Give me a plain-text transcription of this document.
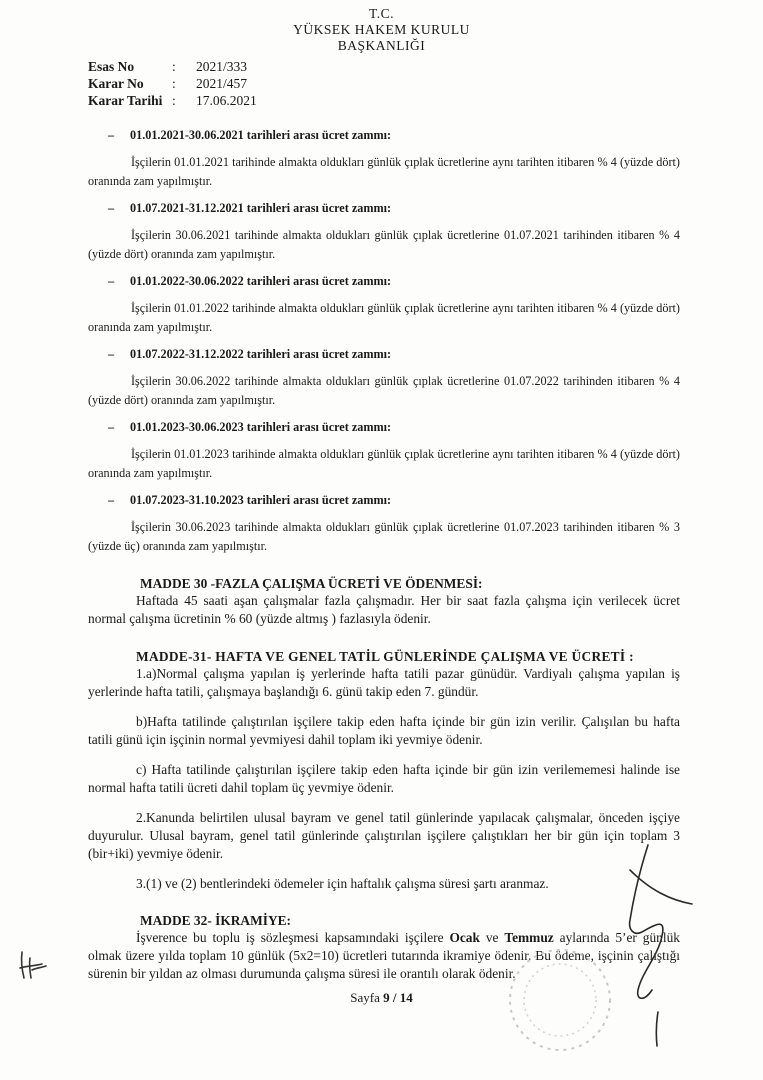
T.C.
YÜKSEK HAKEM KURULU
BAŞKANLIĞI
Esas No	:	2021/333
Karar No	:	2021/457
Karar Tarihi :	17.06.2021
– 01.01.2021-30.06.2021 tarihleri arası ücret zammı:
İşçilerin 01.01.2021 tarihinde almakta oldukları günlük çıplak ücretlerine aynı tarihten itibaren % 4 (yüzde dört) oranında zam yapılmıştır.
– 01.07.2021-31.12.2021 tarihleri arası ücret zammı:
İşçilerin 30.06.2021 tarihinde almakta oldukları günlük çıplak ücretlerine 01.07.2021 tarihinden itibaren % 4 (yüzde dört) oranında zam yapılmıştır.
– 01.01.2022-30.06.2022 tarihleri arası ücret zammı:
İşçilerin 01.01.2022 tarihinde almakta oldukları günlük çıplak ücretlerine aynı tarihten itibaren % 4 (yüzde dört) oranında zam yapılmıştır.
– 01.07.2022-31.12.2022 tarihleri arası ücret zammı:
İşçilerin 30.06.2022 tarihinde almakta oldukları günlük çıplak ücretlerine 01.07.2022 tarihinden itibaren % 4 (yüzde dört) oranında zam yapılmıştır.
– 01.01.2023-30.06.2023 tarihleri arası ücret zammı:
İşçilerin 01.01.2023 tarihinde almakta oldukları günlük çıplak ücretlerine aynı tarihten itibaren % 4 (yüzde dört) oranında zam yapılmıştır.
– 01.07.2023-31.10.2023 tarihleri arası ücret zammı:
İşçilerin 30.06.2023 tarihinde almakta oldukları günlük çıplak ücretlerine 01.07.2023 tarihinden itibaren % 3 (yüzde üç) oranında zam yapılmıştır.
MADDE 30 -FAZLA ÇALIŞMA ÜCRETİ VE ÖDENMESİ:

Haftada 45 saati aşan çalışmalar fazla çalışmadır. Her bir saat fazla çalışma için verilecek ücret normal çalışma ücretinin % 60 (yüzde altmış ) fazlasıyla ödenir.

MADDE-31- HAFTA VE GENEL TATİL GÜNLERİNDE ÇALIŞMA VE ÜCRETİ :

1.a)Normal çalışma yapılan iş yerlerinde hafta tatili pazar günüdür. Vardiyalı çalışma yapılan iş yerlerinde hafta tatili, çalışmaya başlandığı 6. günü takip eden 7. gündür.

b)Hafta tatilinde çalıştırılan işçilere takip eden hafta içinde bir gün izin verilir. Çalışılan bu hafta tatili günü için işçinin normal yevmiyesi dahil toplam iki yevmiye ödenir.

c) Hafta tatilinde çalıştırılan işçilere takip eden hafta içinde bir gün izin verilememesi halinde ise normal hafta tatili ücreti dahil toplam üç yevmiye ödenir.

2.Kanunda belirtilen ulusal bayram ve genel tatil günlerinde yapılacak çalışmalar, önceden işçiye duyurulur. Ulusal bayram, genel tatil günlerinde çalıştırılan işçilere çalıştıkları her bir gün için toplam 3 (bir+iki) yevmiye ödenir.

3.(1) ve (2) bentlerindeki ödemeler için haftalık çalışma süresi şartı aranmaz.

MADDE 32- İKRAMİYE:

İşverence bu toplu iş sözleşmesi kapsamındaki işçilere Ocak ve Temmuz aylarında 5’er günlük olmak üzere yılda toplam 10 günlük (5x2=10) ücretleri tutarında ikramiye ödenir. Bu ödeme, işçinin çalıştığı sürenin bir yıldan az olması durumunda çalışma süresi ile orantılı olarak ödenir.

Sayfa 9 / 14
